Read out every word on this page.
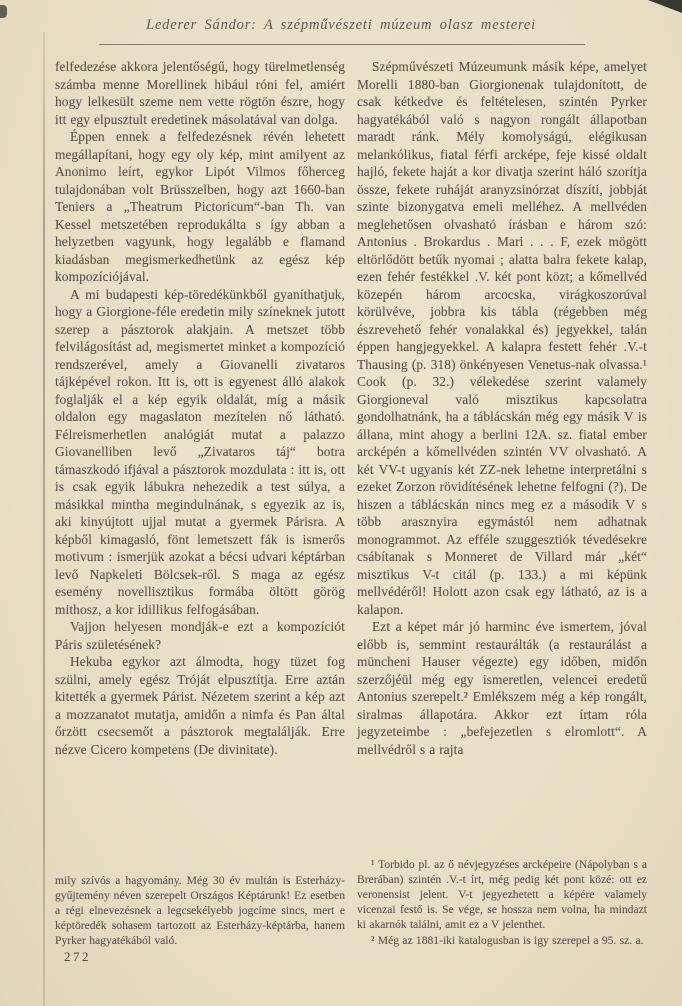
Lederer Sándor: A szépművészeti múzeum olasz mesterei

felfedezése akkora jelentőségű, hogy türelmetlenség számba menne Morellinek hibául róni fel, amiért hogy lelkesült szeme nem vette rögtön észre, hogy itt egy elpusztult eredetinek másolatával van dolga.

Éppen ennek a felfedezésnek révén lehetett megállapítani, hogy egy oly kép, mint amilyent az Anonimo leírt, egykor Lipót Vilmos főherceg tulajdonában volt Brüsszelben, hogy azt 1660-ban Teniers a „Theatrum Pictoricum“-ban Th. van Kessel metszetében reprodukálta s így abban a helyzetben vagyunk, hogy legalább e flamand kiadásban megismerkedhetünk az egész kép kompozíciójával.

A mi budapesti kép-töredékünkből gyaníthatjuk, hogy a Giorgione-féle eredetin mily színeknek jutott szerep a pásztorok alakjain. A metszet több felvilágosítást ad, megismertet minket a kompozíció rendszerével, amely a Giovanelli zivataros tájképével rokon. Itt is, ott is egyenest álló alakok foglalják el a kép egyik oldalát, míg a másik oldalon egy magaslaton mezítelen nő látható. Félreismerhetlen analógiát mutat a palazzo Giovanelliben levő „Zivataros táj“ botra támaszkodó ifjával a pásztorok mozdulata : itt is, ott is csak egyik lábukra nehezedik a test súlya, a másikkal mintha megindulnának, s egyezik az is, aki kinyújtott ujjal mutat a gyermek Párisra. A képből kimagasló, fönt lemetszett fák is ismerős motivum : ismerjük azokat a bécsi udvari képtárban levő Napkeleti Bölcsek-ről. S maga az egész esemény novellisztikus formába öltött görög mithosz, a kor idillikus felfogásában.

Vajjon helyesen mondják-e ezt a kompozíciót Páris születésének?

Hekuba egykor azt álmodta, hogy tüzet fog szülni, amely egész Tróját elpusztítja. Erre aztán kitették a gyermek Párist. Nézetem szerint a kép azt a mozzanatot mutatja, amidőn a nimfa és Pan által őrzött csecsemőt a pásztorok megtalálják. Erre nézve Cicero kompetens (De divinitate).

mily szívós a hagyomány. Még 30 év multán is Esterházy-gyűjtemény néven szerepelt Országos Képtárunk! Ez esetben a régi elnevezésnek a legcsekélyebb jogcíme sincs, mert e képtöredék sohasem tartozott az Esterházy-képtárba, hanem Pyrker hagyatékából való.

Szépművészeti Múzeumunk másik képe, amelyet Morelli 1880-ban Giorgionenak tulajdonított, de csak kétkedve és feltételesen, szintén Pyrker hagyatékából való s nagyon rongált állapotban maradt ránk. Mély komolyságú, elégikusan melankólikus, fiatal férfi arcképe, feje kissé oldalt hajló, fekete haját a kor divatja szerint háló szorítja össze, fekete ruháját aranyzsinórzat díszíti, jobbját szinte bizonygatva emeli melléhez. A mellvéden meglehetősen olvasható írásban e három szó: Antonius . Brokardus . Mari . . . F, ezek mögött eltörlődött betűk nyomai ; alatta balra fekete kalap, ezen fehér festékkel .V. két pont közt; a kőmellvéd közepén három arcocska, virágkoszorúval körülvéve, jobbra kis tábla (régebben még észrevehető fehér vonalakkal és) jegyekkel, talán éppen hangjegyekkel. A kalapra festett fehér .V.-t Thausing (p. 318) önkényesen Venetus-nak olvassa.¹ Cook (p. 32.) vélekedése szerint valamely Giorgioneval való misztikus kapcsolatra gondolhatnánk, ha a táblácskán még egy másik V is állana, mint ahogy a berlini 12A. sz. fiatal ember arcképén a kőmellvéden szintén VV olvasható. A két VV-t ugyanis két ZZ-nek lehetne interpretálni s ezeket Zorzon rövidítésének lehetne felfogni (?). De hiszen a táblácskán nincs meg ez a második V s több arasznyira egymástól nem adhatnak monogrammot. Az efféle szuggesztiók tévedésekre csábítanak s Monneret de Villard már „két“ misztikus V-t citál (p. 133.) a mi képünk mellvédéről! Holott azon csak egy látható, az is a kalapon.

Ezt a képet már jó harminc éve ismertem, jóval előbb is, semmint restaurálták (a restaurálást a müncheni Hauser végezte) egy időben, midőn szerzőjéül még egy ismeretlen, velencei eredetű Antonius szerepelt.² Emlékszem még a kép rongált, siralmas állapotára. Akkor ezt írtam róla jegyzeteimbe : „befejezetlen s elromlott“. A mellvédről s a rajta

¹ Torbido pl. az ő névjegyzéses arcképeire (Nápolyban s a Brerában) szintén .V.-t írt, még pedig két pont közé: ott ez veronensist jelent. V-t jegyezhetett a képére valamely vicenzai festő is. Se vége, se hossza nem volna, ha mindazt ki akarnók találni, amit ez a V jelenthet.

² Még az 1881-iki katalogusban is igy szerepel a 95. sz. a.

272
